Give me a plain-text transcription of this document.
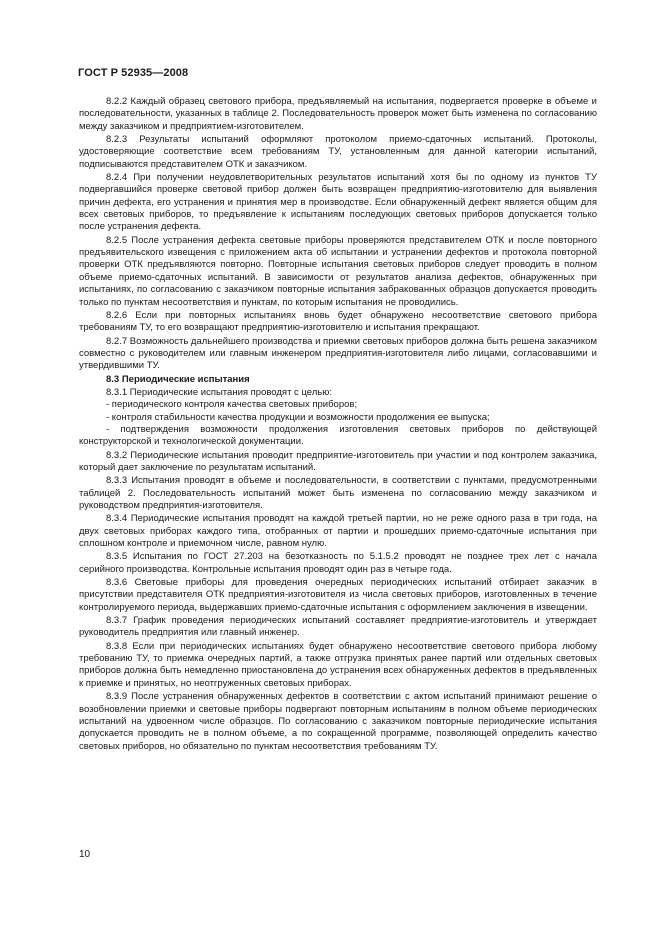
ГОСТ Р 52935—2008

8.2.2 Каждый образец светового прибора, предъявляемый на испытания, подвергается проверке в объеме и последовательности, указанных в таблице 2. Последовательность проверок может быть изменена по согласованию между заказчиком и предприятием-изготовителем.

8.2.3 Результаты испытаний оформляют протоколом приемо-сдаточных испытаний. Протоколы, удостоверяющие соответствие всем требованиям ТУ, установленным для данной категории испытаний, подписываются представителем ОТК и заказчиком.

8.2.4 При получении неудовлетворительных результатов испытаний хотя бы по одному из пунктов ТУ подвергавшийся проверке световой прибор должен быть возвращен предприятию-изготовителю для выявления причин дефекта, его устранения и принятия мер в производстве. Если обнаруженный дефект является общим для всех световых приборов, то предъявление к испытаниям последующих световых приборов допускается только после устранения дефекта.

8.2.5 После устранения дефекта световые приборы проверяются представителем ОТК и после повторного предъявительского извещения с приложением акта об испытании и устранении дефектов и протокола повторной проверки ОТК предъявляются повторно. Повторные испытания световых приборов следует проводить в полном объеме приемо-сдаточных испытаний. В зависимости от результатов анализа дефектов, обнаруженных при испытаниях, по согласованию с заказчиком повторные испытания забракованных образцов допускается проводить только по пунктам несоответствия и пунктам, по которым испытания не проводились.

8.2.6 Если при повторных испытаниях вновь будет обнаружено несоответствие светового прибора требованиям ТУ, то его возвращают предприятию-изготовителю и испытания прекращают.

8.2.7 Возможность дальнейшего производства и приемки световых приборов должна быть решена заказчиком совместно с руководителем или главным инженером предприятия-изготовителя либо лицами, согласовавшими и утвердившими ТУ.

8.3 Периодические испытания

8.3.1 Периодические испытания проводят с целью:

- периодического контроля качества световых приборов;

- контроля стабильности качества продукции и возможности продолжения ее выпуска;

- подтверждения возможности продолжения изготовления световых приборов по действующей конструкторской и технологической документации.

8.3.2 Периодические испытания проводит предприятие-изготовитель при участии и под контролем заказчика, который дает заключение по результатам испытаний.

8.3.3 Испытания проводят в объеме и последовательности, в соответствии с пунктами, предусмотренными таблицей 2. Последовательность испытаний может быть изменена по согласованию между заказчиком и руководством предприятия-изготовителя.

8.3.4 Периодические испытания проводят на каждой третьей партии, но не реже одного раза в три года, на двух световых приборах каждого типа, отобранных от партии и прошедших приемо-сдаточные испытания при сплошном контроле и приемочном числе, равном нулю.

8.3.5 Испытания по ГОСТ 27.203 на безотказность по 5.1.5.2 проводят не позднее трех лет с начала серийного производства. Контрольные испытания проводят один раз в четыре года.

8.3.6 Световые приборы для проведения очередных периодических испытаний отбирает заказчик в присутствии представителя ОТК предприятия-изготовителя из числа световых приборов, изготовленных в течение контролируемого периода, выдержавших приемо-сдаточные испытания с оформлением заключения в извещении.

8.3.7 График проведения периодических испытаний составляет предприятие-изготовитель и утверждает руководитель предприятия или главный инженер.

8.3.8 Если при периодических испытаниях будет обнаружено несоответствие светового прибора любому требованию ТУ, то приемка очередных партий, а также отгрузка принятых ранее партий или отдельных световых приборов должна быть немедленно приостановлена до устранения всех обнаруженных дефектов в предъявленных к приемке и принятых, но неотгруженных световых приборах.

8.3.9 После устранения обнаруженных дефектов в соответствии с актом испытаний принимают решение о возобновлении приемки и световые приборы подвергают повторным испытаниям в полном объеме периодических испытаний на удвоенном числе образцов. По согласованию с заказчиком повторные периодические испытания допускается проводить не в полном объеме, а по сокращенной программе, позволяющей определить качество световых приборов, но обязательно по пунктам несоответствия требованиям ТУ.

10
